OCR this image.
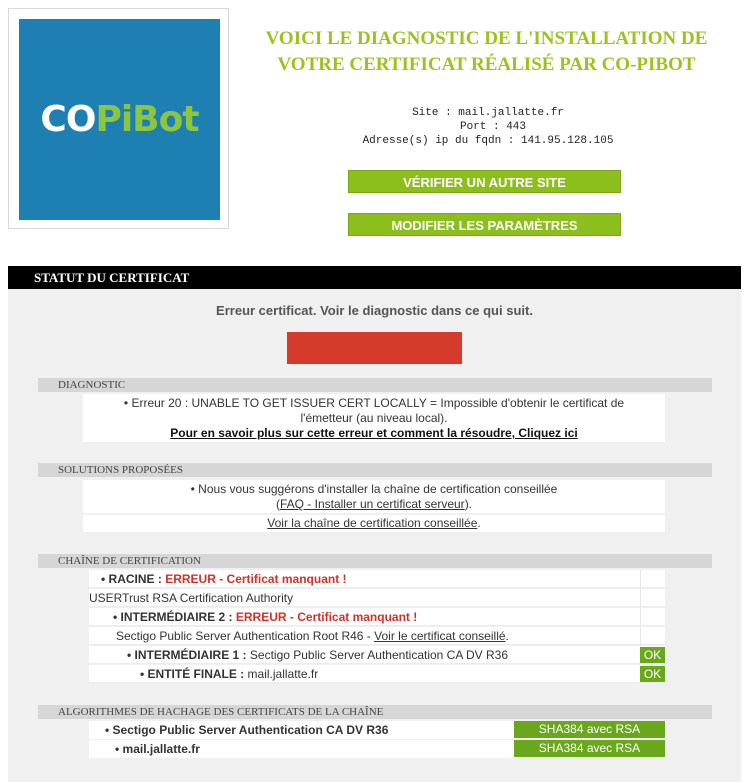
COPiBot
VOICI LE DIAGNOSTIC DE L'INSTALLATION DE VOTRE CERTIFICAT RÉALISÉ PAR CO-PIBOT
Site : mail.jallatte.fr
Port : 443
Adresse(s) ip du fqdn : 141.95.128.105
VÉRIFIER UN AUTRE SITE
MODIFIER LES PARAMÈTRES
STATUT DU CERTIFICAT
Erreur certificat. Voir le diagnostic dans ce qui suit.
DIAGNOSTIC
• Erreur 20 : UNABLE TO GET ISSUER CERT LOCALLY = Impossible d'obtenir le certificat de
l'émetteur (au niveau local).
Pour en savoir plus sur cette erreur et comment la résoudre, Cliquez ici
SOLUTIONS PROPOSÉES
• Nous vous suggérons d'installer la chaîne de certification conseillée
(FAQ - Installer un certificat serveur).
Voir la chaîne de certification conseillée.
CHAÎNE DE CERTIFICATION
• RACINE : ERREUR - Certificat manquant !
USERTrust RSA Certification Authority
• INTERMÉDIAIRE 2 : ERREUR - Certificat manquant !
Sectigo Public Server Authentication Root R46 - Voir le certificat conseillé.
• INTERMÉDIAIRE 1 : Sectigo Public Server Authentication CA DV R36	OK
• ENTITÉ FINALE : mail.jallatte.fr	OK
ALGORITHMES DE HACHAGE DES CERTIFICATS DE LA CHAÎNE
• Sectigo Public Server Authentication CA DV R36	SHA384 avec RSA
• mail.jallatte.fr	SHA384 avec RSA
